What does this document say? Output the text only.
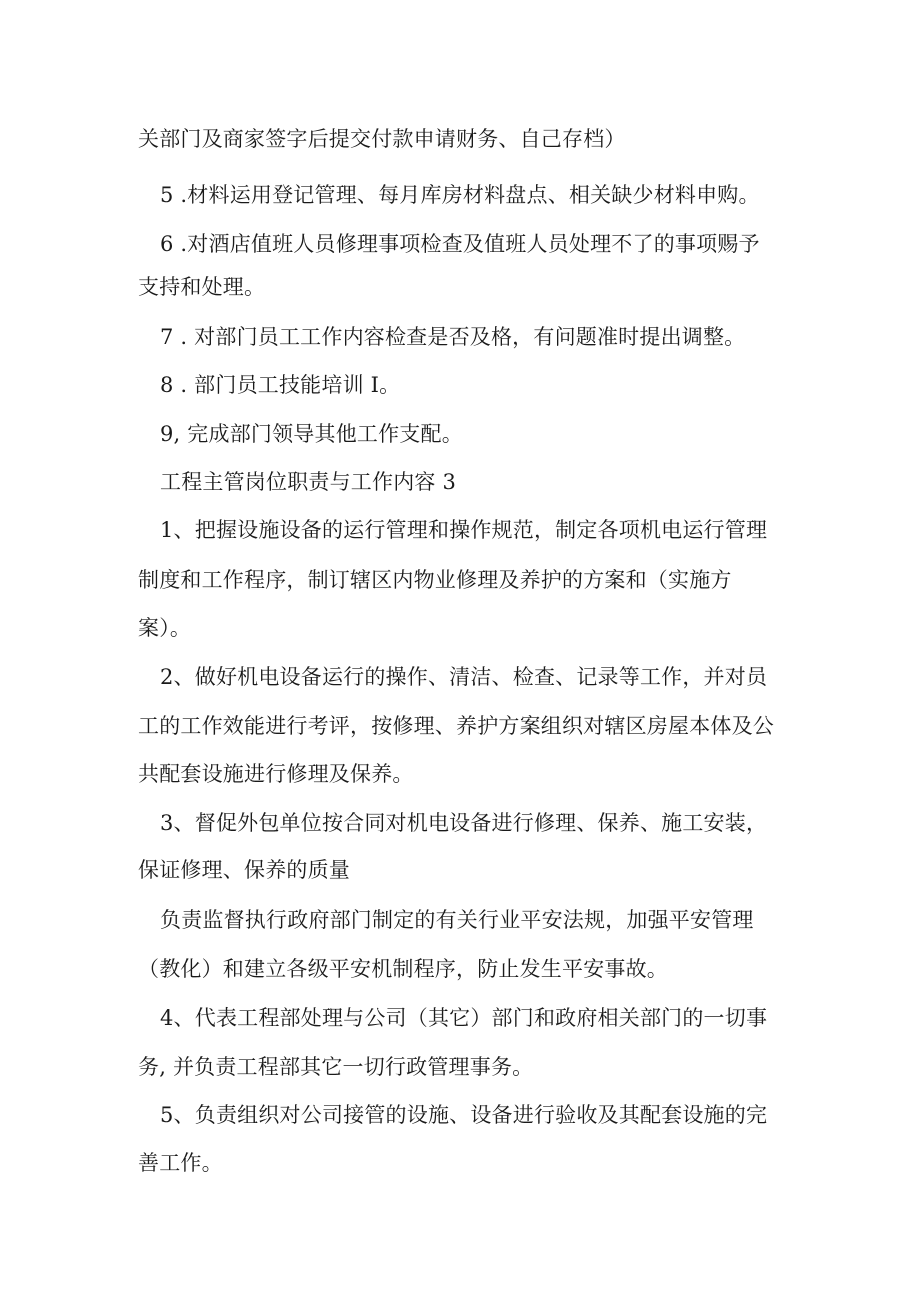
关部门及商家签字后提交付款申请财务、自己存档）
5 .材料运用登记管理、每月库房材料盘点、相关缺少材料申购。
6 .对酒店值班人员修理事项检查及值班人员处理不了的事项赐予
支持和处理。
7 . 对部门员工工作内容检查是否及格，有问题准时提出调整。
8 . 部门员工技能培训 I。
9, 完成部门领导其他工作支配。
工程主管岗位职责与工作内容 3
1、把握设施设备的运行管理和操作规范，制定各项机电运行管理
制度和工作程序，制订辖区内物业修理及养护的方案和（实施方
案）。
2、做好机电设备运行的操作、清洁、检查、记录等工作，并对员
工的工作效能进行考评，按修理、养护方案组织对辖区房屋本体及公
共配套设施进行修理及保养。
3、督促外包单位按合同对机电设备进行修理、保养、施工安装，
保证修理、保养的质量
负责监督执行政府部门制定的有关行业平安法规，加强平安管理
（教化）和建立各级平安机制程序，防止发生平安事故。
4、代表工程部处理与公司（其它）部门和政府相关部门的一切事
务, 并负责工程部其它一切行政管理事务。
5、负责组织对公司接管的设施、设备进行验收及其配套设施的完
善工作。
